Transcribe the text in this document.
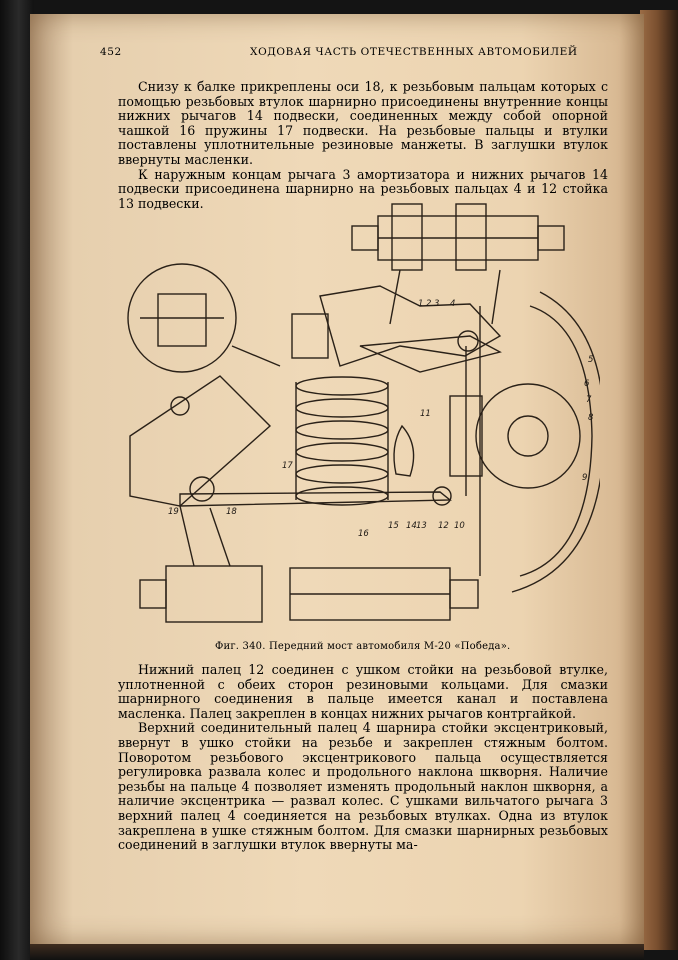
452	ХОДОВАЯ ЧАСТЬ ОТЕЧЕСТВЕННЫХ АВТОМОБИЛЕЙ

Снизу к балке прикреплены оси 18, к резьбовым пальцам которых с помощью резьбовых втулок шарнирно присоединены внутренние концы нижних рычагов 14 подвески, соединенных между собой опорной чашкой 16 пружины 17 подвески. На резьбовые пальцы и втулки поставлены уплотнительные резиновые манжеты. В заглушки втулок ввернуты масленки.

К наружным концам рычага 3 амортизатора и нижних рычагов 14 подвески присоединена шарнирно на резьбовых пальцах 4 и 12 стойка 13 подвески.

1 2 3 4
5
6
7
8
9
10
11
12
13
14
15
16
17
18
19
Фиг. 340. Передний мост автомобиля М-20 «Победа».

Нижний палец 12 соединен с ушком стойки на резьбовой втулке, уплотненной с обеих сторон резиновыми кольцами. Для смазки шарнирного соединения в пальце имеется канал и поставлена масленка. Палец закреплен в концах нижних рычагов контргайкой.

Верхний соединительный палец 4 шарнира стойки эксцентриковый, ввернут в ушко стойки на резьбе и закреплен стяжным болтом. Поворотом резьбового эксцентрикового пальца осуществляется регулировка развала колес и продольного наклона шкворня. Наличие резьбы на пальце 4 позволяет изменять продольный наклон шкворня, а наличие эксцентрика — развал колес. С ушками вильчатого рычага 3 верхний палец 4 соединяется на резьбовых втулках. Одна из втулок закреплена в ушке стяжным болтом. Для смазки шарнирных резьбовых соединений в заглушки втулок ввернуты ма-
